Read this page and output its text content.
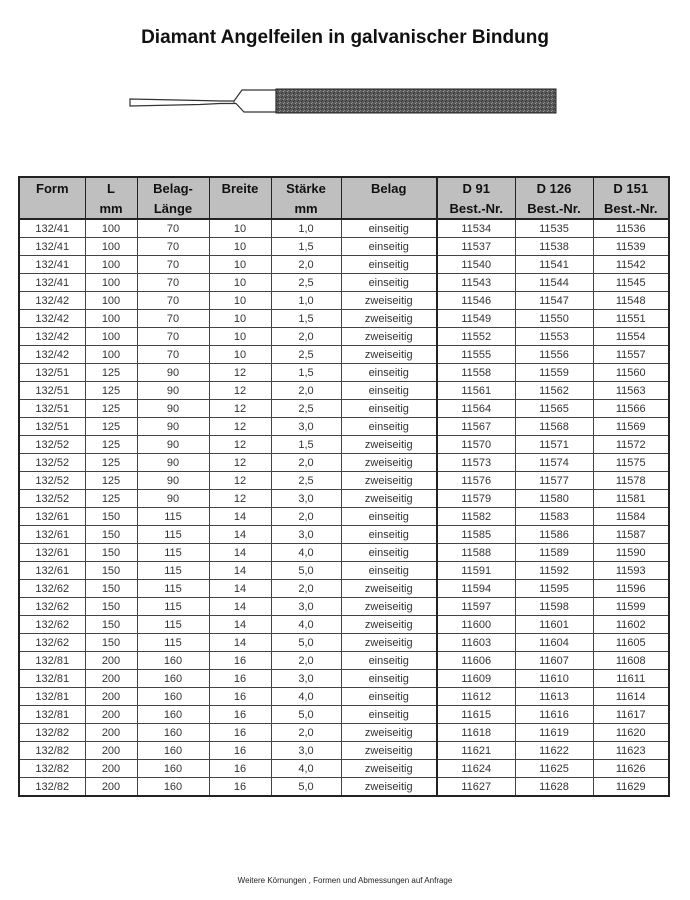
Diamant Angelfeilen in galvanischer Bindung
Form	L	Belag-	Breite	Stärke	Belag	D 91	D 126	D 151
	mm	Länge		mm		Best.-Nr.	Best.-Nr.	Best.-Nr.
132/41	100	70	10	1,0	einseitig	11534	11535	11536
132/41	100	70	10	1,5	einseitig	11537	11538	11539
132/41	100	70	10	2,0	einseitig	11540	11541	11542
132/41	100	70	10	2,5	einseitig	11543	11544	11545
132/42	100	70	10	1,0	zweiseitig	11546	11547	11548
132/42	100	70	10	1,5	zweiseitig	11549	11550	11551
132/42	100	70	10	2,0	zweiseitig	11552	11553	11554
132/42	100	70	10	2,5	zweiseitig	11555	11556	11557
132/51	125	90	12	1,5	einseitig	11558	11559	11560
132/51	125	90	12	2,0	einseitig	11561	11562	11563
132/51	125	90	12	2,5	einseitig	11564	11565	11566
132/51	125	90	12	3,0	einseitig	11567	11568	11569
132/52	125	90	12	1,5	zweiseitig	11570	11571	11572
132/52	125	90	12	2,0	zweiseitig	11573	11574	11575
132/52	125	90	12	2,5	zweiseitig	11576	11577	11578
132/52	125	90	12	3,0	zweiseitig	11579	11580	11581
132/61	150	115	14	2,0	einseitig	11582	11583	11584
132/61	150	115	14	3,0	einseitig	11585	11586	11587
132/61	150	115	14	4,0	einseitig	11588	11589	11590
132/61	150	115	14	5,0	einseitig	11591	11592	11593
132/62	150	115	14	2,0	zweiseitig	11594	11595	11596
132/62	150	115	14	3,0	zweiseitig	11597	11598	11599
132/62	150	115	14	4,0	zweiseitig	11600	11601	11602
132/62	150	115	14	5,0	zweiseitig	11603	11604	11605
132/81	200	160	16	2,0	einseitig	11606	11607	11608
132/81	200	160	16	3,0	einseitig	11609	11610	11611
132/81	200	160	16	4,0	einseitig	11612	11613	11614
132/81	200	160	16	5,0	einseitig	11615	11616	11617
132/82	200	160	16	2,0	zweiseitig	11618	11619	11620
132/82	200	160	16	3,0	zweiseitig	11621	11622	11623
132/82	200	160	16	4,0	zweiseitig	11624	11625	11626
132/82	200	160	16	5,0	zweiseitig	11627	11628	11629
Weitere Körnungen , Formen und Abmessungen auf Anfrage
